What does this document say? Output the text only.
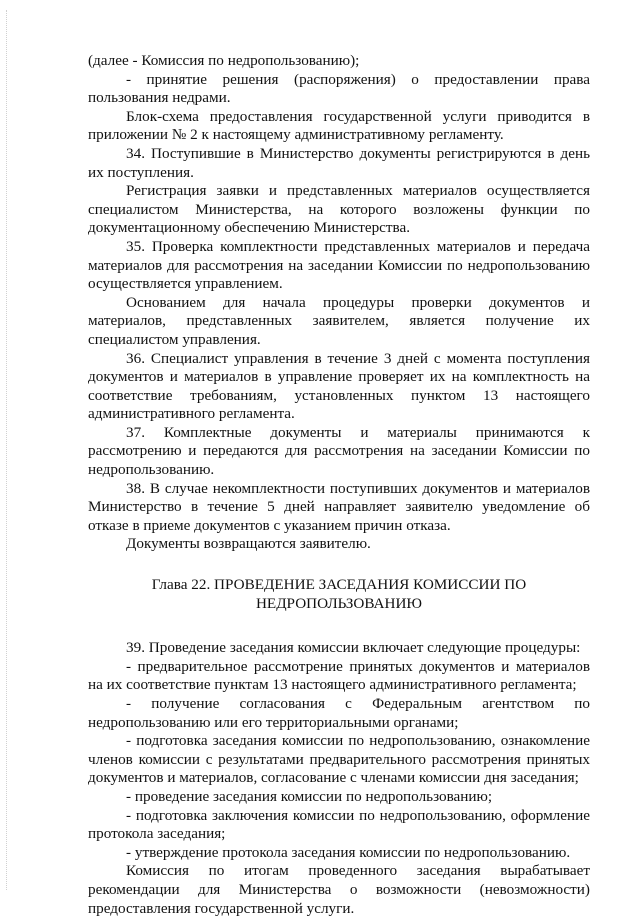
(далее - Комиссия по недропользованию);

- принятие решения (распоряжения) о предоставлении права пользования недрами.

Блок-схема предоставления государственной услуги приводится в приложении № 2 к настоящему административному регламенту.

34. Поступившие в Министерство документы регистрируются в день их поступления.

Регистрация заявки и представленных материалов осуществляется специалистом Министерства, на которого возложены функции по документационному обеспечению Министерства.

35. Проверка комплектности представленных материалов и передача материалов для рассмотрения на заседании Комиссии по недропользованию осуществляется управлением.

Основанием для начала процедуры проверки документов и материалов, представленных заявителем, является получение их специалистом управления.

36. Специалист управления в течение 3 дней с момента поступления документов и материалов в управление проверяет их на комплектность на соответствие требованиям, установленных пунктом 13 настоящего административного регламента.

37. Комплектные документы и материалы принимаются к рассмотрению и передаются для рассмотрения на заседании Комиссии по недропользованию.

38. В случае некомплектности поступивших документов и материалов Министерство в течение 5 дней направляет заявителю уведомление об отказе в приеме документов с указанием причин отказа.

Документы возвращаются заявителю.

Глава 22. ПРОВЕДЕНИЕ ЗАСЕДАНИЯ КОМИССИИ ПО
НЕДРОПОЛЬЗОВАНИЮ

39. Проведение заседания комиссии включает следующие процедуры:

- предварительное рассмотрение принятых документов и материалов на их соответствие пунктам 13 настоящего административного регламента;

- получение согласования с Федеральным агентством по недропользованию или его территориальными органами;

- подготовка заседания комиссии по недропользованию, ознакомление членов комиссии с результатами предварительного рассмотрения принятых документов и материалов, согласование с членами комиссии дня заседания;

- проведение заседания комиссии по недропользованию;

- подготовка заключения комиссии по недропользованию, оформление протокола заседания;

- утверждение протокола заседания комиссии по недропользованию.

Комиссия по итогам проведенного заседания вырабатывает рекомендации для Министерства о возможности (невозможности) предоставления государственной услуги.
